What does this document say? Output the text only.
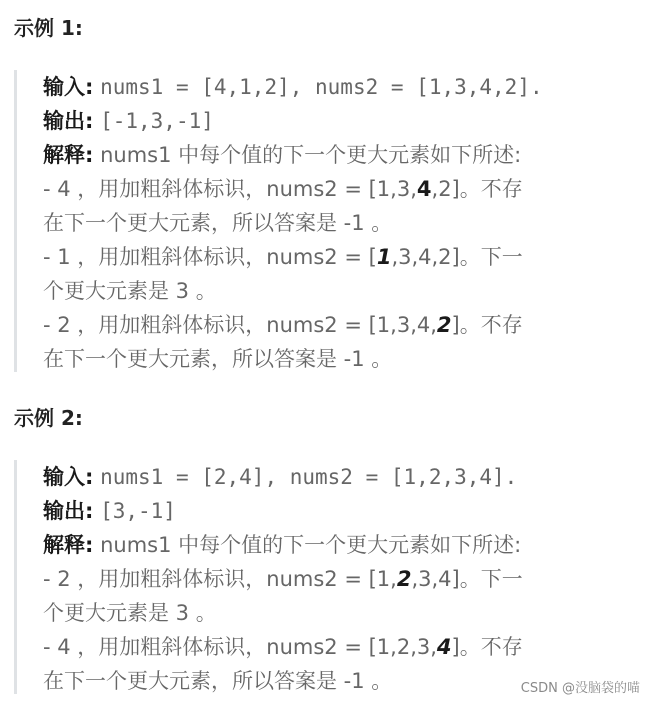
示例 1:
输入: nums1 = [4,1,2], nums2 = [1,3,4,2].
输出: [-1,3,-1]
解释: nums1 中每个值的下一个更大元素如下所述:
- 4 ，用加粗斜体标识，nums2 = [1,3,4,2]。不存
在下一个更大元素，所以答案是 -1 。
- 1 ，用加粗斜体标识，nums2 = [1,3,4,2]。下一
个更大元素是 3 。
- 2 ，用加粗斜体标识，nums2 = [1,3,4,2]。不存
在下一个更大元素，所以答案是 -1 。
示例 2:
输入: nums1 = [2,4], nums2 = [1,2,3,4].
输出: [3,-1]
解释: nums1 中每个值的下一个更大元素如下所述:
- 2 ，用加粗斜体标识，nums2 = [1,2,3,4]。下一
个更大元素是 3 。
- 4 ，用加粗斜体标识，nums2 = [1,2,3,4]。不存
在下一个更大元素，所以答案是 -1 。	CSDN @没脑袋的喵
